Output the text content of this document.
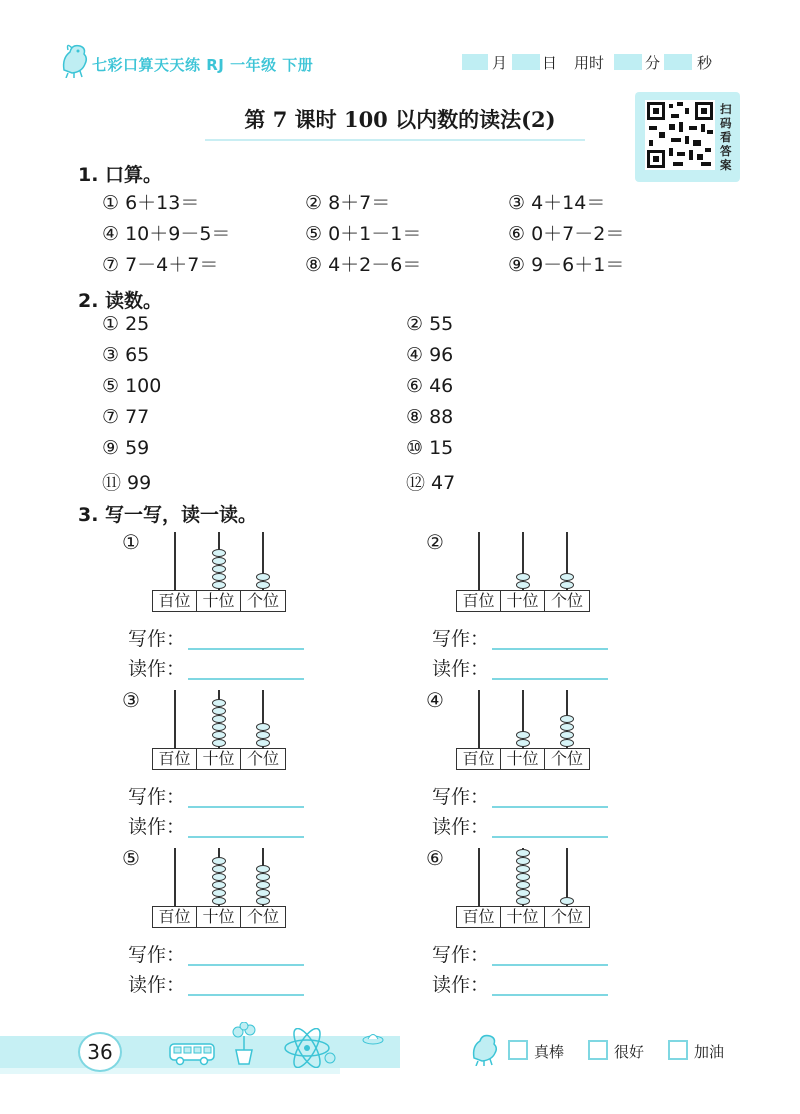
七彩口算天天练 RJ 一年级 下册	月 日 用时	分 秒
第 7 课时 100 以内数的读法(2)	扫
码
看
答
案
1. 口算。
① 6＋13＝	② 8＋7＝	③ 4＋14＝
④ 10＋9－5＝	⑤ 0＋1－1＝	⑥ 0＋7－2＝
⑦ 7－4＋7＝	⑧ 4＋2－6＝	⑨ 9－6＋1＝
2. 读数。
① 25	② 55
③ 65	④ 96
⑤ 100	⑥ 46
⑦ 77	⑧ 88
⑨ 59	⑩ 15
⑪ 99	⑫ 47
3. 写一写，读一读。
①
百位 十位 个位
写作：
读作：
②
百位 十位 个位
写作：
读作：
③
百位 十位 个位
写作：
读作：
④
百位 十位 个位
写作：
读作：
⑤
百位 十位 个位
写作：
读作：
⑥
百位 十位 个位
写作：
读作：
36	真棒	很好	加油
